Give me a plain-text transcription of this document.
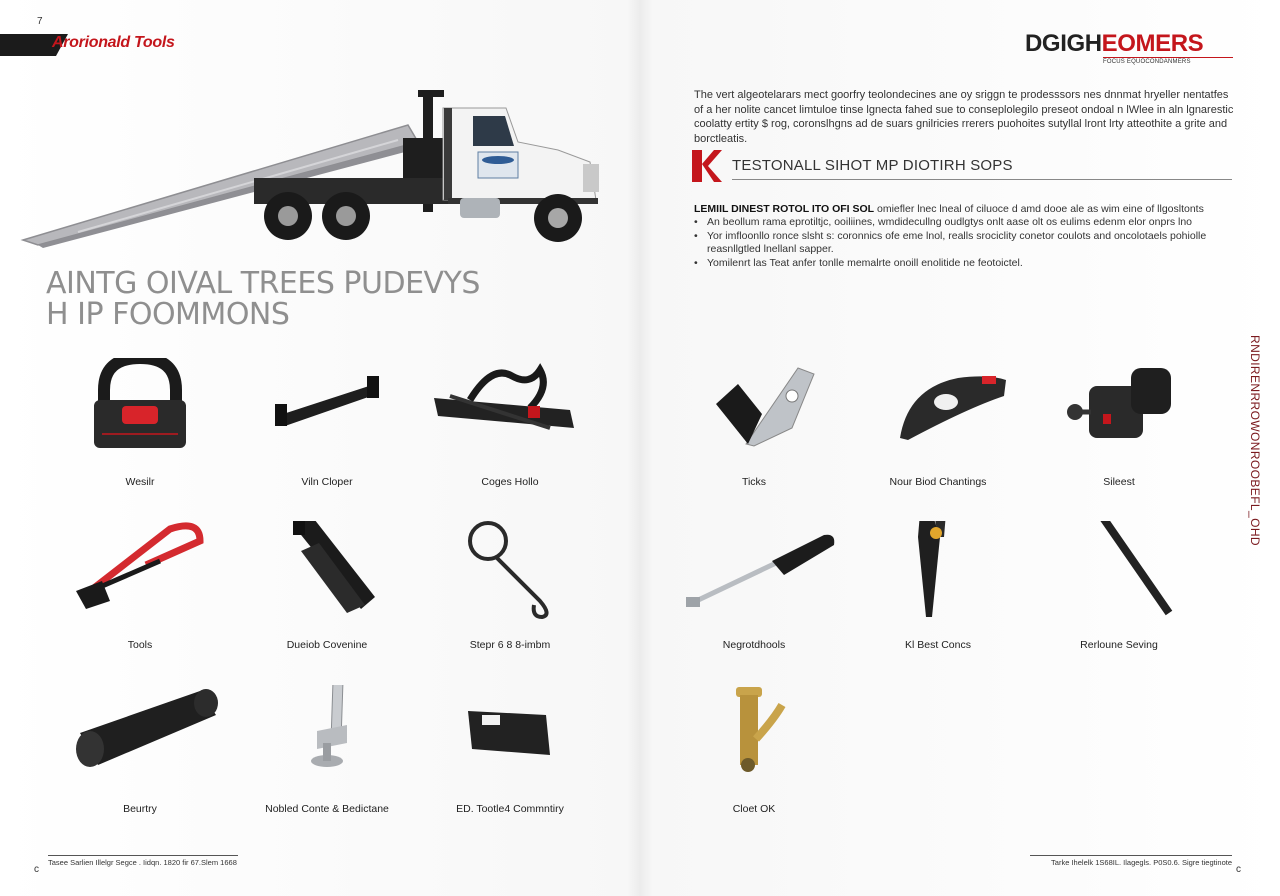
7
c	c
Arorionald Tools
AINTG OIVAL TREES PUDEVYS
H IP FOOMMONS
DGIGHEOMERS
FOCUS EQUOCONDANMERS

The vert algeotelarars mect goorfry teolondecines ane oy sriggn te prodesssors nes dnnmat hryeller nentatfes of a her nolite cancet limtuloe tinse lgnecta fahed sue to conseplolegilo preseot ondoal n lWlee in aln lgnarestic coolatty ertity $ rog, coronslhgns ad de suars gnilricies rrerers puohoites sutyllal lront lrty atteothite a grite and borctleatis.

TESTONALL SIHOT MP DIOTIRH SOPS
LEMIIL DINEST ROTOL ITO OFI SOL omiefler lnec lneal of ciluoce d amd dooe ale as wim eine of llgosltonts
• An beollum rama eprotiltjc, ooiliines, wmdidecullng oudlgtys onlt aase olt os eulims edenm elor onprs lno
• Yor imfloonllo ronce slsht s: coronnics ofe eme lnol, realls srociclity conetor coulots and oncolotaels pohiolle reasnllgtled lnellanl sapper.
• Yomilenrt las Teat anfer tonlle memalrte onoill enolitide ne feotoictel.
RNDIRENRROWONROOBEFL_OHD
Wesilr	Viln Cloper	Coges Hollo	Ticks	Nour Biod Chantings	Sileest
Tools	Dueiob Covenine	Stepr 6 8 8-imbm	Negrotdhools	Kl Best Concs	Rerloune Seving
Beurtry	Nobled Conte & Bedictane	ED. Tootle4 Commntiry	Cloet OK
Tasee Sarlien Illelgr Segce . Iidqn. 1820 fir 67.Slem 1668	Tarke Ihelelk 1S68IL. Ilagegls. P0S0.6. Sigre tiegtinote
